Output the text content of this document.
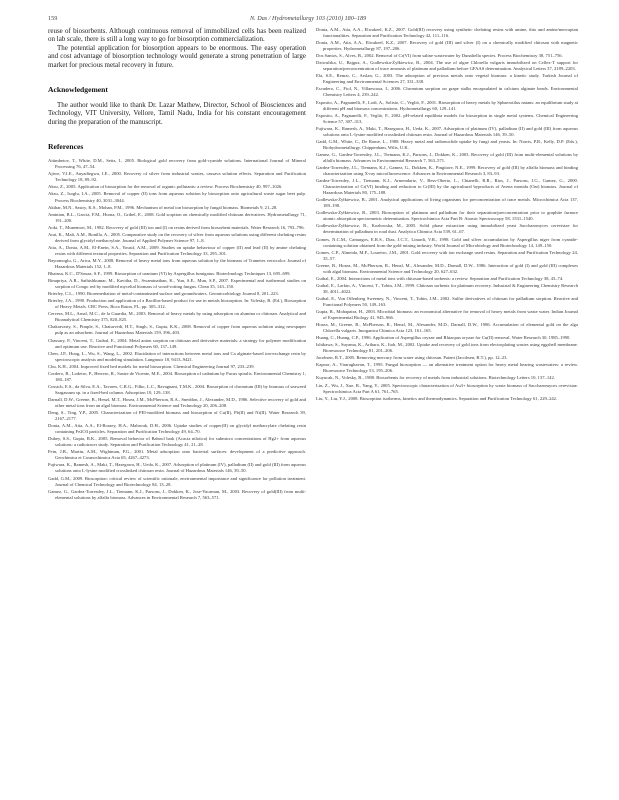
159	N. Das / Hydrometallurgy 103 (2010) 180–189

reuse of biosorbents. Although continuous removal of immobilized cells has been realized on lab scale, there is still a long way to go for biosorption commercialization.

The potential application for biosorption appears to be enormous. The easy operation and cost advantage of biosorption technology would generate a strong penetration of large market for precious metal recovery in future.

Acknowledgement

The author would like to thank Dr. Lazar Mathew, Director, School of Biosciences and Technology, VIT University, Vellore, Tamil Nadu, India for his constant encouragement during the preparation of the manuscript.

References

Aitimbetov, T., White, D.M., Seitz, I., 2005. Biological gold recovery from gold-cyanide solutions. International Journal of Mineral Processing 76, 47–54.

Ajiwe, V.I.E., Anyadiegwu, I.E., 2000. Recovery of silver from industrial wastes, cassava solution effects. Separation and Purification Technology 18, 89–92.

Aksu, Z., 2005. Application of biosorption for the removal of organic pollutants: a review. Process Biochemistry 40, 997–1026.

Aksu, Z., Isoglu, I.A., 2005. Removal of copper (II) ions from aqueous solution by biosorption onto agricultural waste sugar beet pulp. Process Biochemistry 40, 3031–3044.

Akthar, M.N., Sastry, K.S., Mohan, P.M., 1996. Mechanism of metal ion biosorption by fungal biomass. Biometals 9, 21–28.

Aminian, B.L., Garcia, F.M., Horna, O., Gribel, E., 2008. Gold sorption on chemically modified chitosan derivatives. Hydrometallurgy 71, 191–200.

Aoki, T., Munemori, M., 1982. Recovery of gold (III) ion and (I) on resins derived from biosorbent materials. Water Research 16, 793–796.

Arai, K., Mali, A.M., Bonilla, A., 2005. Comparative study on the recovery of silver from aqueous solutions using different chelating resins derived from glycidyl methacrylate. Journal of Applied Polymer Science 97, 1–8.

Atia, A., Donia, A.M., El-Enein, S.A., Yousif, A.M., 2009. Studies on uptake behaviour of copper (II) and lead (II) by amine chelating resins with different textural properties. Separation and Purification Technology 33, 295–301.

Bayramoglu, G., Arica, M.Y., 2008. Removal of heavy metal ions from aqueous solution by the biomass of Trametes versicolor. Journal of Hazardous Materials 152, 1–8.

Bhainsa, K.C., D'Souza, S.F., 1999. Biosorption of uranium (VI) by Aspergillus fumigatus. Biotechnology Techniques 13, 695–699.

Binupriya, A.R., Sathishkumar, M., Kavitha, D., Swaminathan, K., Yun, S.E., Mun, S.P., 2007. Experimental and isothermal studies on sorption of Congo red by modified mycelial biomass of wood-rotting fungus. Clean 35, 143–150.

Brierley, C.L., 1990. Bioremediation of metal-contaminated surface and groundwaters. Geomicrobiology Journal 8, 201–223.

Brierley, J.A., 1990. Production and application of a Bacillus-based product for use in metals biosorption. In: Volesky, B. (Ed.), Biosorption of Heavy Metals. CRC Press, Boca Raton, FL, pp. 305–312.

Cervera, M.L., Arnal, M.C., de la Guardia, M., 2003. Removal of heavy metals by using adsorption on alumina or chitosan. Analytical and Bioanalytical Chemistry 375, 820–825.

Chakravarty, S., Pimple, S., Chaturvedi, H.T., Singh, S., Gupta, K.K., 2008. Removal of copper from aqueous solution using newspaper pulp as an adsorbent. Journal of Hazardous Materials 159, 396–403.

Chassary, P., Vincent, T., Guibal, E., 2004. Metal anion sorption on chitosan and derivative materials: a strategy for polymer modification and optimum use. Reactive and Functional Polymers 60, 137–149.

Chen, J.P., Hong, L., Wu, S., Wang, L., 2002. Elucidation of interactions between metal ions and Ca alginate-based ion-exchange resin by spectroscopic analysis and modeling simulation. Langmuir 18, 9413–9421.

Chu, K.H., 2004. Improved fixed bed models for metal biosorption. Chemical Engineering Journal 97, 233–239.

Cordero, B., Lodeiro, P., Herrero, R., Sastre de Vicente, M.E., 2004. Biosorption of cadmium by Fucus spiralis. Environmental Chemistry 1, 180–187.

Cossich, E.S., da Silva, E.A., Tavares, C.R.G., Filho, L.C., Ravagnani, T.M.K., 2004. Biosorption of chromium (III) by biomass of seaweed Sargassum sp. in a fixed-bed column. Adsorption 10, 129–138.

Darnall, D.W., Greene, B., Henzl, M.T., Hosea, J.M., McPherson, R.A., Sneddon, J., Alexander, M.D., 1986. Selective recovery of gold and other metal ions from an algal biomass. Environmental Science and Technology 20, 206–208.

Deng, S., Ting, Y.P., 2005. Characterization of PEI-modified biomass and biosorption of Cu(II), Pb(II) and Ni(II). Water Research 39, 2167–2177.

Donia, A.M., Atia, A.A., El-Boraey, H.A., Mabrouk, D.H., 2006. Uptake studies of copper(II) on glycidyl methacrylate chelating resin containing Fe2O3 particles. Separation and Purification Technology 49, 64–70.

Dubey, S.S., Gupta, R.K., 2005. Removal behavior of Babool bark (Acacia nilotica) for submicro concentrations of Hg2+ from aqueous solutions: a radiotracer study. Separation and Purification Technology 41, 21–28.

Fein, J.B., Martin, A.M., Wightman, P.G., 2001. Metal adsorption onto bacterial surfaces: development of a predictive approach. Geochimica et Cosmochimica Acta 65, 4267–4273.

Fujiwara, K., Ramesh, A., Maki, T., Hasegawa, H., Ueda, K., 2007. Adsorption of platinum (IV), palladium (II) and gold (III) from aqueous solutions onto L-lysine modified crosslinked chitosan resin. Journal of Hazardous Materials 146, 39–50.

Gadd, G.M., 2009. Biosorption: critical review of scientific rationale, environmental importance and significance for pollution treatment. Journal of Chemical Technology and Biotechnology 84, 13–28.

Gamez, G., Gardea-Torresdey, J.L., Tiemann, K.J., Parsons, J., Dokken, K., Jose-Yacaman, M., 2003. Recovery of gold(III) from multi-elemental solutions by alfalfa biomass. Advances in Environmental Research 7, 563–571.

Donia, A.M., Atia, A.A., Elwakeel, K.Z., 2007. Gold(III) recovery using synthetic chelating resins with amine, thio and amine/mercaptan functionalities. Separation and Purification Technology 42, 111–116.

Donia, A.M., Atia, A.A., Elwakeel, K.Z., 2007. Recovery of gold (III) and silver (I) on a chemically modified chitosan with magnetic properties. Hydrometallurgy 87, 197–206.

Dos Santos, S., Alves, B., 2002. Removal of Cr(VI) from saline wastewater by Dunaliella species. Process Biochemistry 38, 751–756.

Dziwulska, U., Bajguz, A., Godlewska-Żyłkiewicz, B., 2004. The use of algae Chlorella vulgaris immobilized on Cellex-T support for separation/preconcentration of trace amounts of platinum and palladium before GFAAS determination. Analytical Letters 37, 2189–2203.

Ela, S.E., Remzi, C., Arslan, G., 2003. The adsorption of precious metals onto vegetal biomass: a kinetic study. Turkish Journal of Engineering and Environmental Sciences 27, 331–338.

Escudero, C., Fiol, N., Villaescusa, I., 2006. Chromium sorption on grape stalks encapsulated in calcium alginate beads. Environmental Chemistry Letters 4, 239–242.

Esposito, A., Pagnanelli, F., Lodi, A., Solisio, C., Vegliò, F., 2001. Biosorption of heavy metals by Sphaerotilus natans: an equilibrium study at different pH and biomass concentrations. Hydrometallurgy 60, 129–141.

Esposito, A., Pagnanelli, F., Vegliò, F., 2002. pH-related equilibria models for biosorption in single metal systems. Chemical Engineering Science 57, 307–313.

Fujiwara, K., Ramesh, A., Maki, T., Hasegawa, H., Ueda, K., 2007. Adsorption of platinum (IV), palladium (II) and gold (III) from aqueous solutions onto L-lysine modified crosslinked chitosan resin. Journal of Hazardous Materials 146, 39–50.

Gadd, G.M., White, C., De Rome, L., 1988. Heavy metal and radionuclide uptake by fungi and yeasts. In: Norris, P.R., Kelly, D.P. (Eds.), Biohydrometallurgy. Chippenham, Wilts, U.K.

Gamez, G., Gardea-Torresdey, J.L., Tiemann, K.J., Parsons, J., Dokken, K., 2003. Recovery of gold (III) from multi-elemental solutions by alfalfa biomass. Advances in Environmental Research 7, 563–571.

Gardea-Torresdey, J.L., Tiemann, K.J., Gamez, G., Dokken, K., Pingitore, N.E., 1999. Recovery of gold (III) by alfalfa biomass and binding characterization using X-ray microfluorescence. Advances in Environmental Research 3, 83–93.

Gardea-Torresdey, J.L., Tiemann, K.J., Armendariz, V., Bess-Oberto, L., Chianelli, R.R., Rios, J., Parsons, J.G., Gamez, G., 2000. Characterization of Cr(VI) binding and reduction to Cr(III) by the agricultural byproducts of Avena monida (Oat) biomass. Journal of Hazardous Materials 80, 175–188.

Godlewska-Żyłkiewicz, B., 2001. Analytical applications of living organisms for preconcentration of trace metals. Microchimica Acta 137, 189–198.

Godlewska-Żyłkiewicz, B., 2003. Biosorption of platinum and palladium for their separation/preconcentration prior to graphite furnace atomic absorption spectrometric determination. Spectrochimica Acta Part B: Atomic Spectroscopy 58, 1531–1540.

Godlewska-Żyłkiewicz, B., Kozłowska, M., 2005. Solid phase extraction using immobilized yeast Saccharomyces cerevisiae for determination of palladium in road dust. Analytica Chimica Acta 539, 61–67.

Gomes, N.C.M., Camargos, E.R.S., Dias, J.C.T., Linardi, V.R., 1998. Gold and silver accumulation by Aspergillus niger from cyanide-containing solution obtained from the gold mining industry. World Journal of Microbiology and Biotechnology 14, 149–150.

Gomes, C.P., Almeida, M.F., Loureiro, J.M., 2001. Gold recovery with ion exchange used resins. Separation and Purification Technology 24, 35–57.

Greene, B., Hosea, M., McPherson, R., Henzl, M., Alexander, M.D., Darnall, D.W., 1986. Interaction of gold (I) and gold (III) complexes with algal biomass. Environmental Science and Technology 20, 627–632.

Guibal, E., 2004. Interactions of metal ions with chitosan-based sorbents: a review. Separation and Purification Technology 38, 43–74.

Guibal, E., Larkin, A., Vincent, T., Tobin, J.M., 1999. Chitosan sorbents for platinum recovery. Industrial & Engineering Chemistry Research 38, 4011–4022.

Guibal, E., Von Offenberg Sweeney, N., Vincent, T., Tobin, J.M., 2002. Sulfur derivatives of chitosan for palladium sorption. Reactive and Functional Polymers 50, 149–163.

Gupta, R., Mohapatra, H., 2003. Microbial biomass: an economical alternative for removal of heavy metals from waste water. Indian Journal of Experimental Biology 41, 945–966.

Hosea, M., Greene, B., McPherson, R., Henzl, M., Alexander, M.D., Darnall, D.W., 1986. Accumulation of elemental gold on the alga Chlorella vulgaris. Inorganica Chimica Acta 123, 161–165.

Huang, C., Huang, C.P., 1996. Application of Aspergillus oryzae and Rhizopus oryzae for Cu(II) removal. Water Research 30, 1985–1990.

Ishikawa, S., Suyama, K., Arihara, K., Itoh, M., 2002. Uptake and recovery of gold ions from electroplating wastes using eggshell membrane. Bioresource Technology 81, 201–206.

Jacobsen, R.T., 2005. Removing mercury from water using chitosan. Patent (Jacobsen, R.T.), pp. 12–23.

Kapoor, A., Viraraghavan, T., 1995. Fungal biosorption — an alternative treatment option for heavy metal bearing wastewaters: a review. Bioresource Technology 53, 195–206.

Kuyucak, N., Volesky, B., 1988. Biosorbents for recovery of metals from industrial solutions. Biotechnology Letters 10, 137–142.

Lin, Z., Wu, J., Xue, R., Yang, Y., 2005. Spectroscopic characterization of Au3+ biosorption by waste biomass of Saccharomyces cerevisiae. Spectrochimica Acta Part A 61, 761–765.

Liu, Y., Liu, Y.J., 2008. Biosorption isotherms, kinetics and thermodynamics. Separation and Purification Technology 61, 229–242.
